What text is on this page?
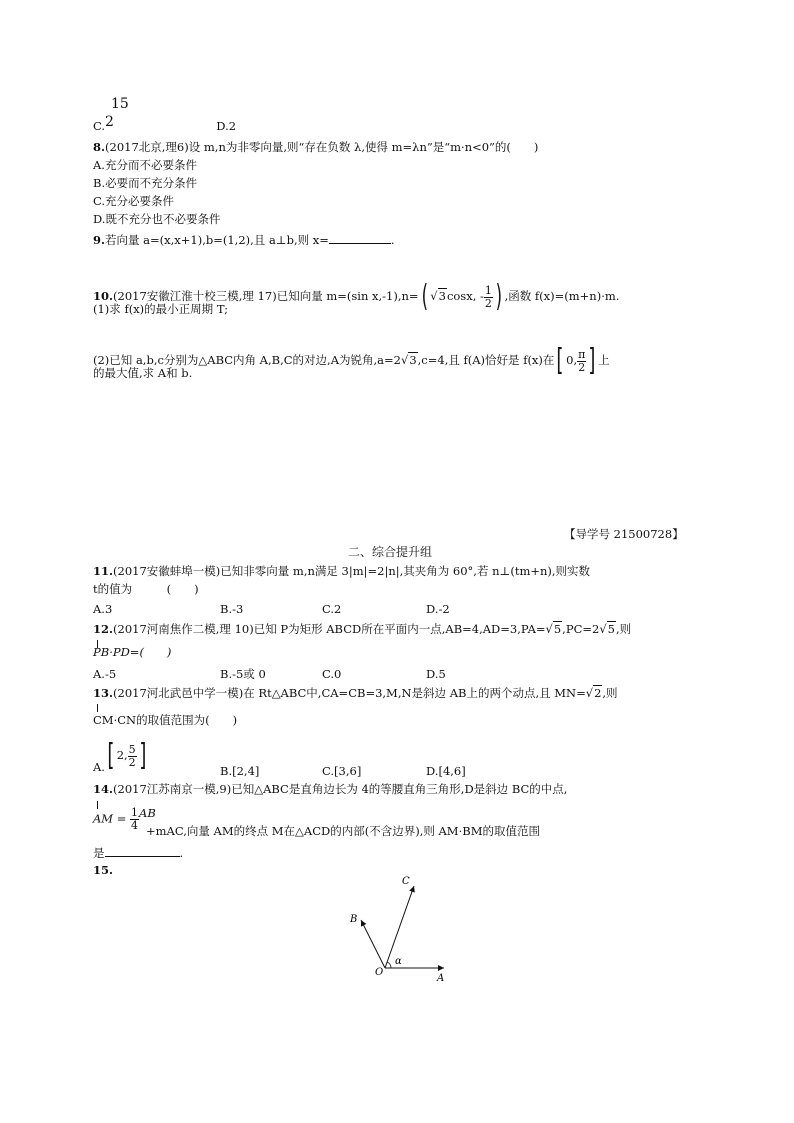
15
C.2	D.2
8.(2017北京,理6)设 m,n为非零向量,则“存在负数 λ,使得 m=λn”是“m·n<0”的(　　)
A.充分而不必要条件
B.必要而不充分条件
C.充分必要条件
D.既不充分也不必要条件
9.若向量 a=(x,x+1),b=(1,2),且 a⊥b,则 x=	.
10.(2017安徽江淮十校三模,理 17)已知向量 m=(sin x,-1),n=( √3cosx, - $\frac{1}{2}$ ) ,函数 f(x)=(m+n)·m.
(1)求 f(x)的最小正周期 T;
(2)已知 a,b,c分别为△ABC内角 A,B,C的对边,A为锐角,a=2√3,c=4,且 f(A)恰好是 f(x)在[ 0, $\frac{\pi}{2}$ ] 上
的最大值,求 A和 b.
【导学号 21500728】
二、综合提升组
11.(2017安徽蚌埠一模)已知非零向量 m,n满足 3|m|=2|n|,其夹角为 60°,若 n⊥(tm+n),则实数
t的值为　　　(　　)
A.3	B.-3	C.2	D.-2
12.(2017河南焦作二模,理 10)已知 P为矩形 ABCD所在平面内一点,AB=4,AD=3,PA=√5,PC=2√5,则
PB·PD=(　　)
A.-5	B.-5或 0	C.0	D.5
13.(2017河北武邑中学一模)在 Rt△ABC中,CA=CB=3,M,N是斜边 AB上的两个动点,且 MN=√2,则
CM·CN的取值范围为(　　)
A.[ 2, $\frac{5}{2}$ ]	B.[2,4]	C.[3,6]	D.[4,6]
14.(2017江苏南京一模,9)已知△ABC是直角边长为 4的等腰直角三角形,D是斜边 BC的中点,
AM = $\frac{1}{4}$ AB
+mAC,向量 AM的终点 M在△ACD的内部(不含边界),则 AM·BM的取值范围
是	.
15.
C
B
O
A
α
